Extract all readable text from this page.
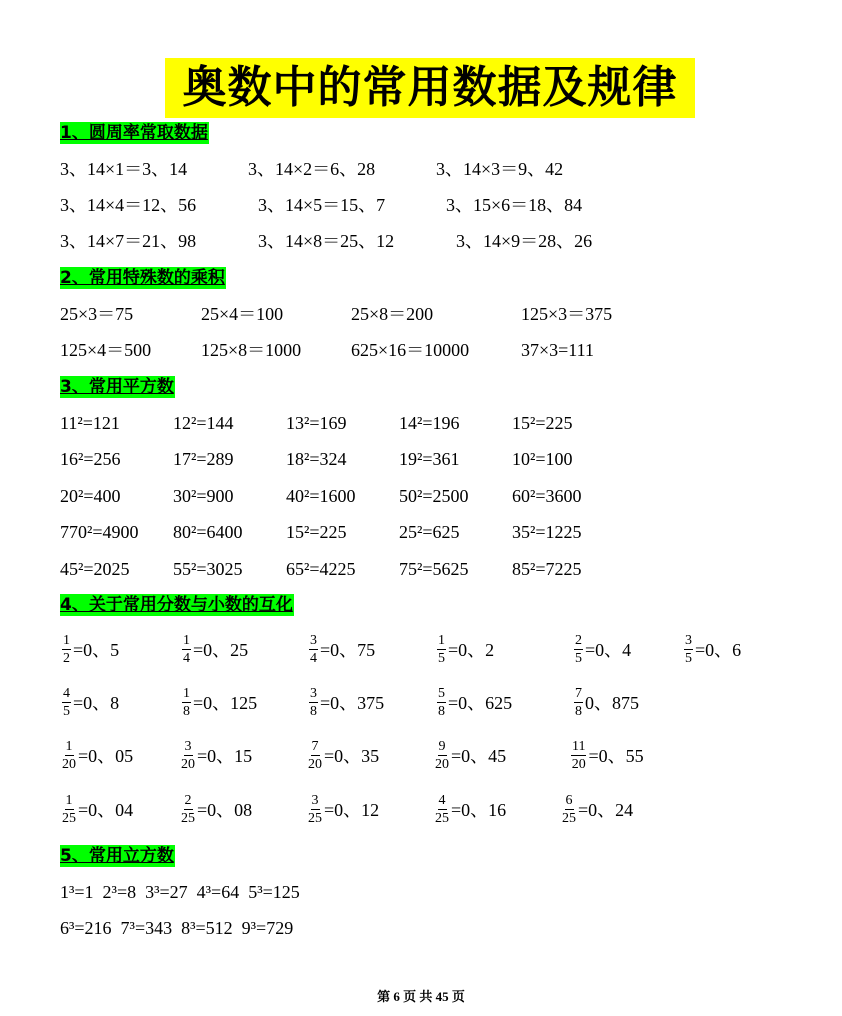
奥数中的常用数据及规律
1、圆周率常取数据
3、14×1＝3、14	3、14×2＝6、28	3、14×3＝9、42
3、14×4＝12、56	3、14×5＝15、7	3、15×6＝18、84
3、14×7＝21、98	3、14×8＝25、12	3、14×9＝28、26
2、常用特殊数的乘积
25×3＝75	25×4＝100	25×8＝200	125×3＝375
125×4＝500	125×8＝1000	625×16＝10000	37×3=111
3、常用平方数
11²=121	12²=144	13²=169	14²=196	15²=225
16²=256	17²=289	18²=324	19²=361	10²=100
20²=400	30²=900	40²=1600 50²=2500 60²=3600
770²=4900 80²=6400 15²=225	25²=625	35²=1225
45²=2025 55²=3025 65²=4225 75²=5625 85²=7225
4、关于常用分数与小数的互化
$\frac{1}{2} =0$、5	$\frac{1}{4} =0$、25	$\frac{3}{4} =0$、75	$\frac{1}{5} =0$、2	$\frac{2}{5} =0$、4	$\frac{3}{5} =0$、6
$\frac{4}{5} =0$、8	$\frac{1}{8} =0$、125	$\frac{3}{8} =0$、375	$\frac{5}{8} =0$、625	$\frac{7}{8} 0$、875
$\frac{1}{20} =0$、05	$\frac{3}{20} =0$、15	$\frac{7}{20} =0$、35	$\frac{9}{20} =0$、45	$\frac{11}{20} =0$、55
$\frac{1}{25} =0$、04	$\frac{2}{25} =0$、08	$\frac{3}{25} =0$、12	$\frac{4}{25} =0$、16	$\frac{6}{25} =0$、24
5、常用立方数
1³=1  2³=8  3³=27  4³=64  5³=125
6³=216  7³=343  8³=512  9³=729
第 6 页 共 45 页
